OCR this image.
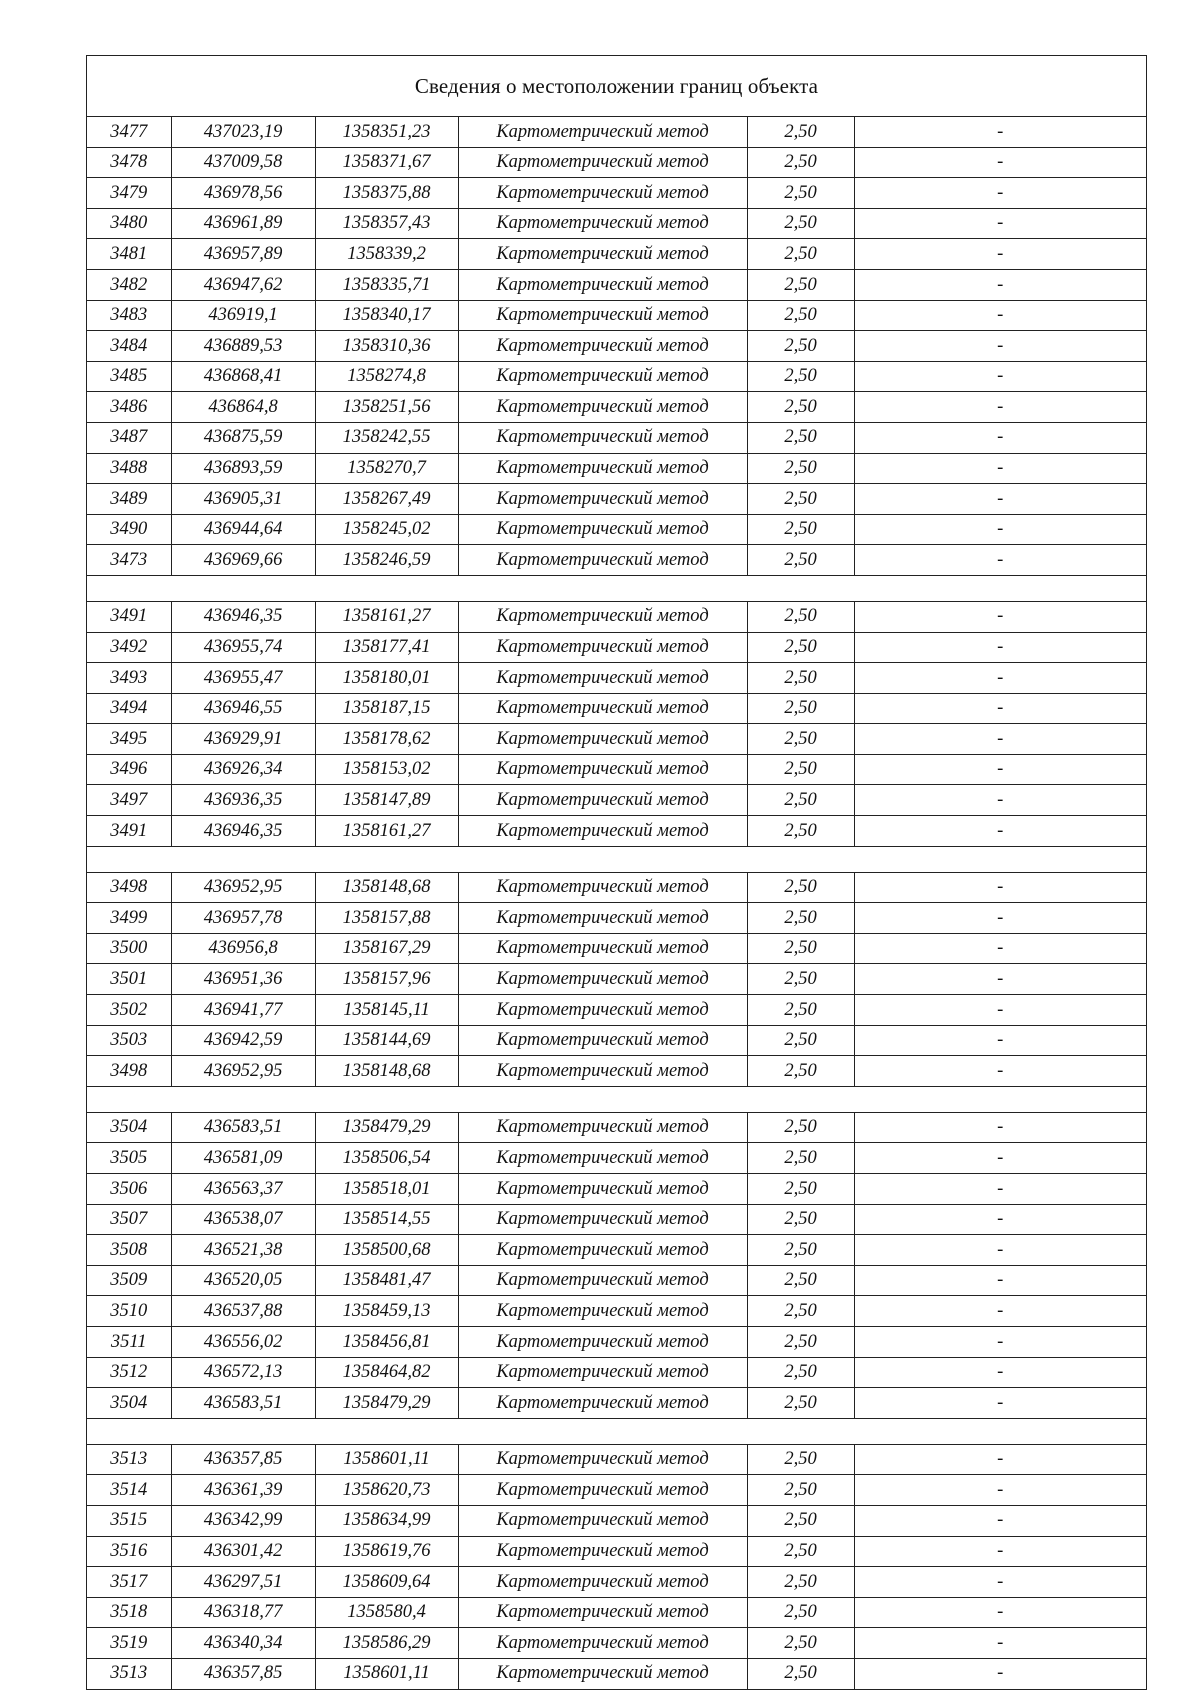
Сведения о местоположении границ объекта
3477	437023,19	1358351,23	Картометрический метод	2,50	-
3478	437009,58	1358371,67	Картометрический метод	2,50	-
3479	436978,56	1358375,88	Картометрический метод	2,50	-
3480	436961,89	1358357,43	Картометрический метод	2,50	-
3481	436957,89	1358339,2	Картометрический метод	2,50	-
3482	436947,62	1358335,71	Картометрический метод	2,50	-
3483	436919,1	1358340,17	Картометрический метод	2,50	-
3484	436889,53	1358310,36	Картометрический метод	2,50	-
3485	436868,41	1358274,8	Картометрический метод	2,50	-
3486	436864,8	1358251,56	Картометрический метод	2,50	-
3487	436875,59	1358242,55	Картометрический метод	2,50	-
3488	436893,59	1358270,7	Картометрический метод	2,50	-
3489	436905,31	1358267,49	Картометрический метод	2,50	-
3490	436944,64	1358245,02	Картометрический метод	2,50	-
3473	436969,66	1358246,59	Картометрический метод	2,50	-

3491	436946,35	1358161,27	Картометрический метод	2,50	-
3492	436955,74	1358177,41	Картометрический метод	2,50	-
3493	436955,47	1358180,01	Картометрический метод	2,50	-
3494	436946,55	1358187,15	Картометрический метод	2,50	-
3495	436929,91	1358178,62	Картометрический метод	2,50	-
3496	436926,34	1358153,02	Картометрический метод	2,50	-
3497	436936,35	1358147,89	Картометрический метод	2,50	-
3491	436946,35	1358161,27	Картометрический метод	2,50	-

3498	436952,95	1358148,68	Картометрический метод	2,50	-
3499	436957,78	1358157,88	Картометрический метод	2,50	-
3500	436956,8	1358167,29	Картометрический метод	2,50	-
3501	436951,36	1358157,96	Картометрический метод	2,50	-
3502	436941,77	1358145,11	Картометрический метод	2,50	-
3503	436942,59	1358144,69	Картометрический метод	2,50	-
3498	436952,95	1358148,68	Картометрический метод	2,50	-

3504	436583,51	1358479,29	Картометрический метод	2,50	-
3505	436581,09	1358506,54	Картометрический метод	2,50	-
3506	436563,37	1358518,01	Картометрический метод	2,50	-
3507	436538,07	1358514,55	Картометрический метод	2,50	-
3508	436521,38	1358500,68	Картометрический метод	2,50	-
3509	436520,05	1358481,47	Картометрический метод	2,50	-
3510	436537,88	1358459,13	Картометрический метод	2,50	-
3511	436556,02	1358456,81	Картометрический метод	2,50	-
3512	436572,13	1358464,82	Картометрический метод	2,50	-
3504	436583,51	1358479,29	Картометрический метод	2,50	-

3513	436357,85	1358601,11	Картометрический метод	2,50	-
3514	436361,39	1358620,73	Картометрический метод	2,50	-
3515	436342,99	1358634,99	Картометрический метод	2,50	-
3516	436301,42	1358619,76	Картометрический метод	2,50	-
3517	436297,51	1358609,64	Картометрический метод	2,50	-
3518	436318,77	1358580,4	Картометрический метод	2,50	-
3519	436340,34	1358586,29	Картометрический метод	2,50	-
3513	436357,85	1358601,11	Картометрический метод	2,50	-
